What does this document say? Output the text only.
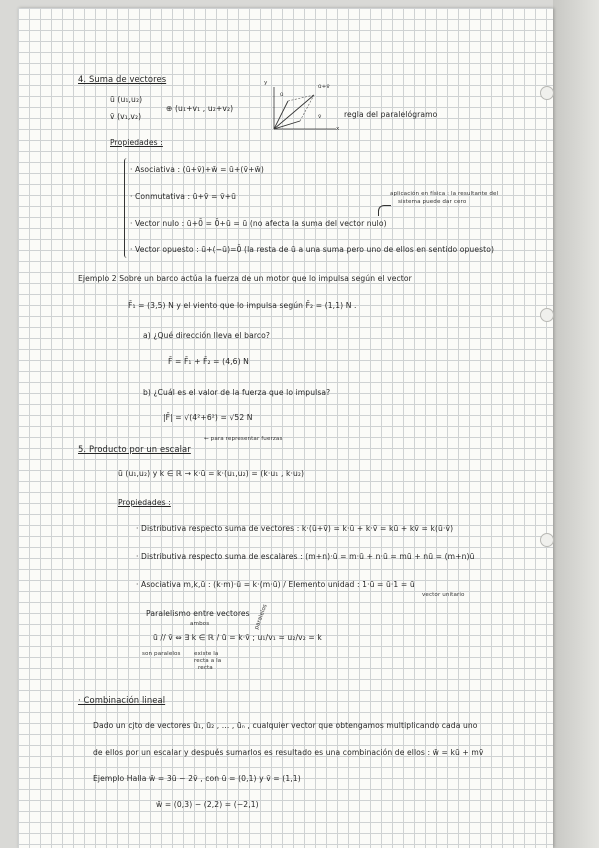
4. Suma de vectores
ū (u₁,u₂)
v̄ (v₁,v₂)
⊕ (u₁+v₁ , u₂+v₂)
ū+v̄
ū
v̄
y
x
regla del paralelógramo
Propiedades :
· Asociativa : (ū+v̄)+w̄ = ū+(v̄+w̄)
· Conmutativa : ū+v̄ = v̄+ū	aplicación en física : la resultante del
sistema puede dar cero
· Vector nulo : ū+0̄ = 0̄+ū = ū (no afecta la suma del vector nulo)
· Vector opuesto : ū+(−ū)=0̄ (la resta de ū a una suma pero uno de ellos en sentido opuesto)
Ejemplo 2 Sobre un barco actúa la fuerza de un motor que lo impulsa según el vector
F̄₁ = (3,5) N y el viento que lo impulsa según F̄₂ = (1,1) N .
a) ¿Qué dirección lleva el barco?
F̄ = F̄₁ + F̄₂ = (4,6) N
b) ¿Cuál es el valor de la fuerza que lo impulsa?
|F̄| = √(4²+6²) = √52 N
5. Producto por un escalar
← para representar fuerzas
ū (u₁,u₂) y k ∈ ℝ → k·ū = k·(u₁,u₂) = (k·u₁ , k·u₂)
Propiedades :
· Distributiva respecto suma de vectores : k·(ū+v̄) = k·ū + k·v̄ = kū + kv̄ = k(ū·v̄)
· Distributiva respecto suma de escalares : (m+n)·ū = m·ū + n·ū = mū + nū = (m+n)ū
· Asociativa m,k,ū : (k·m)·ū = k·(m·ū) / Elemento unidad : 1·ū = ū·1 = ū
vector unitario
Paralelismo entre vectores
ambos	paralelos
ū // v̄ ⇔ ∃ k ∈ ℝ / ū = k·v̄ ; u₁/v₁ = u₂/v₂ = k
son paralelos existe la
recta a la
recta
· Combinación lineal
Dado un cjto de vectores ū₁, ū₂ , ... , ūₙ , cualquier vector que obtengamos multiplicando cada uno
de ellos por un escalar y después sumarlos es resultado es una combinación de ellos : w̄ = kū + mv̄
Ejemplo Halla w̄ = 3ū − 2v̄ , con ū = (0,1) y v̄ = (1,1)
w̄ = (0,3) − (2,2) = (−2,1)
